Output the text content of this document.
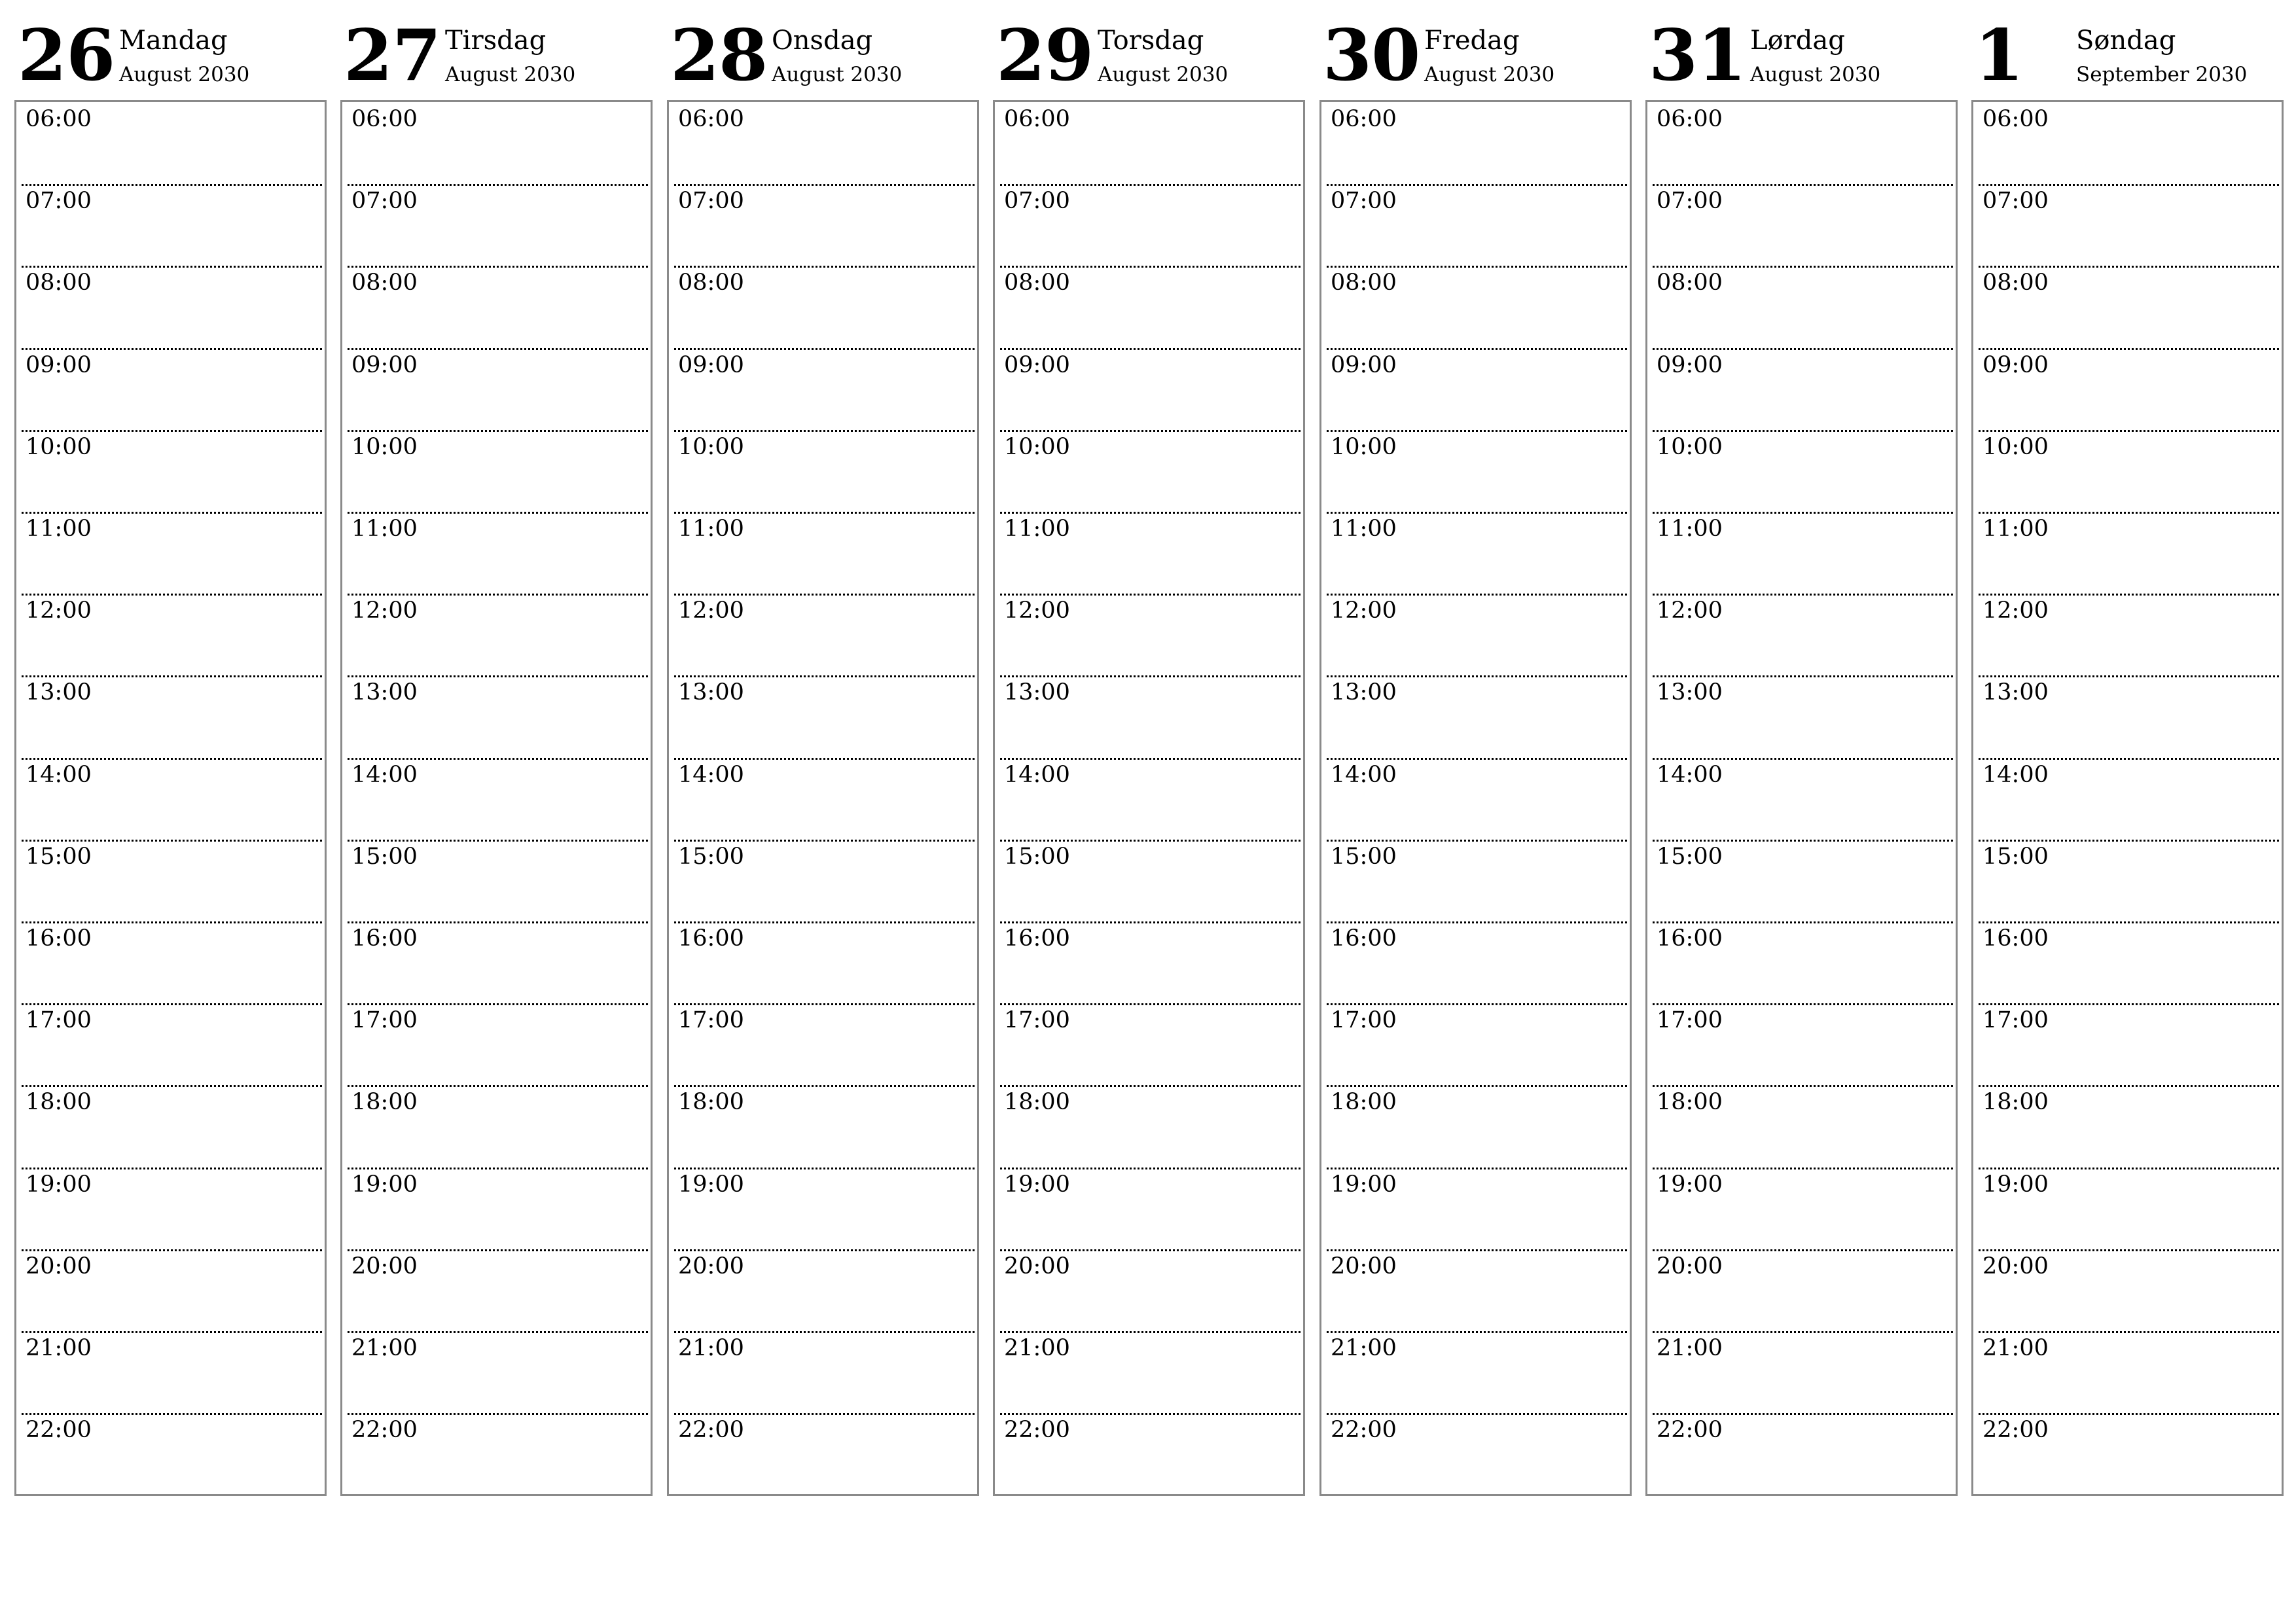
26 Mandag
August 2030
06:00
07:00
08:00
09:00
10:00
11:00
12:00
13:00
14:00
15:00
16:00
17:00
18:00
19:00
20:00
21:00
22:00
27 Tirsdag
August 2030
06:00
07:00
08:00
09:00
10:00
11:00
12:00
13:00
14:00
15:00
16:00
17:00
18:00
19:00
20:00
21:00
22:00
28 Onsdag
August 2030
06:00
07:00
08:00
09:00
10:00
11:00
12:00
13:00
14:00
15:00
16:00
17:00
18:00
19:00
20:00
21:00
22:00
29 Torsdag
August 2030
06:00
07:00
08:00
09:00
10:00
11:00
12:00
13:00
14:00
15:00
16:00
17:00
18:00
19:00
20:00
21:00
22:00
30 Fredag
August 2030
06:00
07:00
08:00
09:00
10:00
11:00
12:00
13:00
14:00
15:00
16:00
17:00
18:00
19:00
20:00
21:00
22:00
31 Lørdag
August 2030
06:00
07:00
08:00
09:00
10:00
11:00
12:00
13:00
14:00
15:00
16:00
17:00
18:00
19:00
20:00
21:00
22:00
1 Søndag
September 2030
06:00
07:00
08:00
09:00
10:00
11:00
12:00
13:00
14:00
15:00
16:00
17:00
18:00
19:00
20:00
21:00
22:00
